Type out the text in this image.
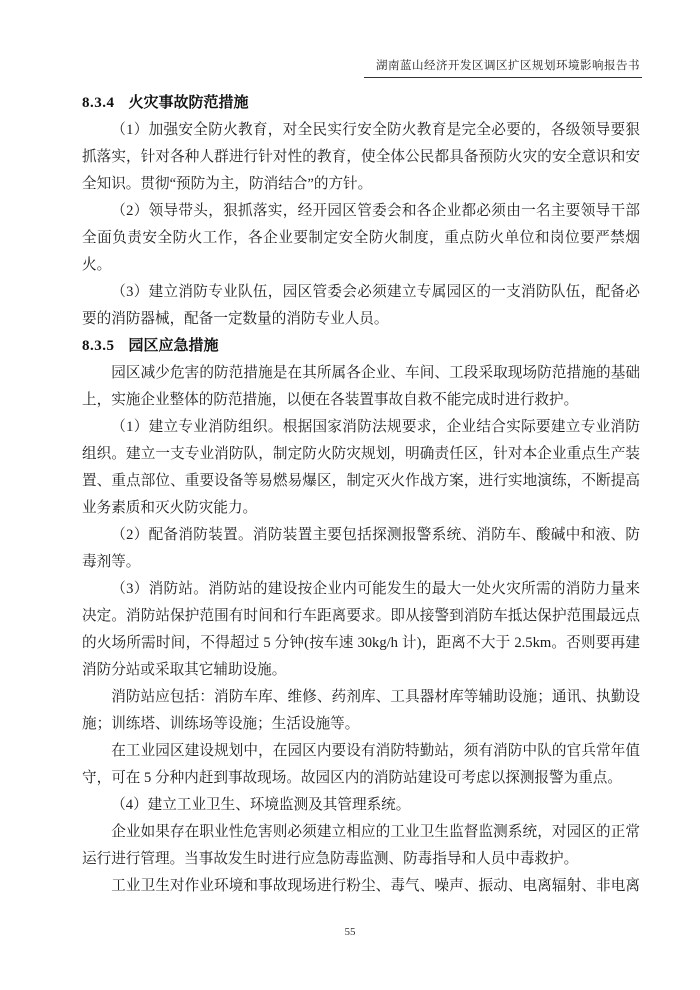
湖南蓝山经济开发区调区扩区规划环境影响报告书
8.3.4 火灾事故防范措施

（1）加强安全防火教育，对全民实行安全防火教育是完全必要的，各级领导要狠抓落实，针对各种人群进行针对性的教育，使全体公民都具备预防火灾的安全意识和安全知识。贯彻“预防为主，防消结合”的方针。

（2）领导带头，狠抓落实，经开园区管委会和各企业都必须由一名主要领导干部全面负责安全防火工作，各企业要制定安全防火制度，重点防火单位和岗位要严禁烟火。

（3）建立消防专业队伍，园区管委会必须建立专属园区的一支消防队伍，配备必要的消防器械，配备一定数量的消防专业人员。

8.3.5 园区应急措施

园区减少危害的防范措施是在其所属各企业、车间、工段采取现场防范措施的基础上，实施企业整体的防范措施，以便在各装置事故自救不能完成时进行救护。

（1）建立专业消防组织。根据国家消防法规要求，企业结合实际要建立专业消防组织。建立一支专业消防队，制定防火防灾规划，明确责任区，针对本企业重点生产装置、重点部位、重要设备等易燃易爆区，制定灭火作战方案，进行实地演练，不断提高业务素质和灭火防灾能力。

（2）配备消防装置。消防装置主要包括探测报警系统、消防车、酸碱中和液、防毒剂等。

（3）消防站。消防站的建设按企业内可能发生的最大一处火灾所需的消防力量来决定。消防站保护范围有时间和行车距离要求。即从接警到消防车抵达保护范围最远点的火场所需时间，不得超过 5 分钟(按车速 30kg/h 计)，距离不大于 2.5km。否则要再建消防分站或采取其它辅助设施。

消防站应包括：消防车库、维修、药剂库、工具器材库等辅助设施；通讯、执勤设施；训练塔、训练场等设施；生活设施等。

在工业园区建设规划中，在园区内要设有消防特勤站，须有消防中队的官兵常年值守，可在 5 分种内赶到事故现场。故园区内的消防站建设可考虑以探测报警为重点。

（4）建立工业卫生、环境监测及其管理系统。

企业如果存在职业性危害则必须建立相应的工业卫生监督监测系统，对园区的正常运行进行管理。当事故发生时进行应急防毒监测、防毒指导和人员中毒救护。

工业卫生对作业环境和事故现场进行粉尘、毒气、噪声、振动、电离辐射、非电离

55
